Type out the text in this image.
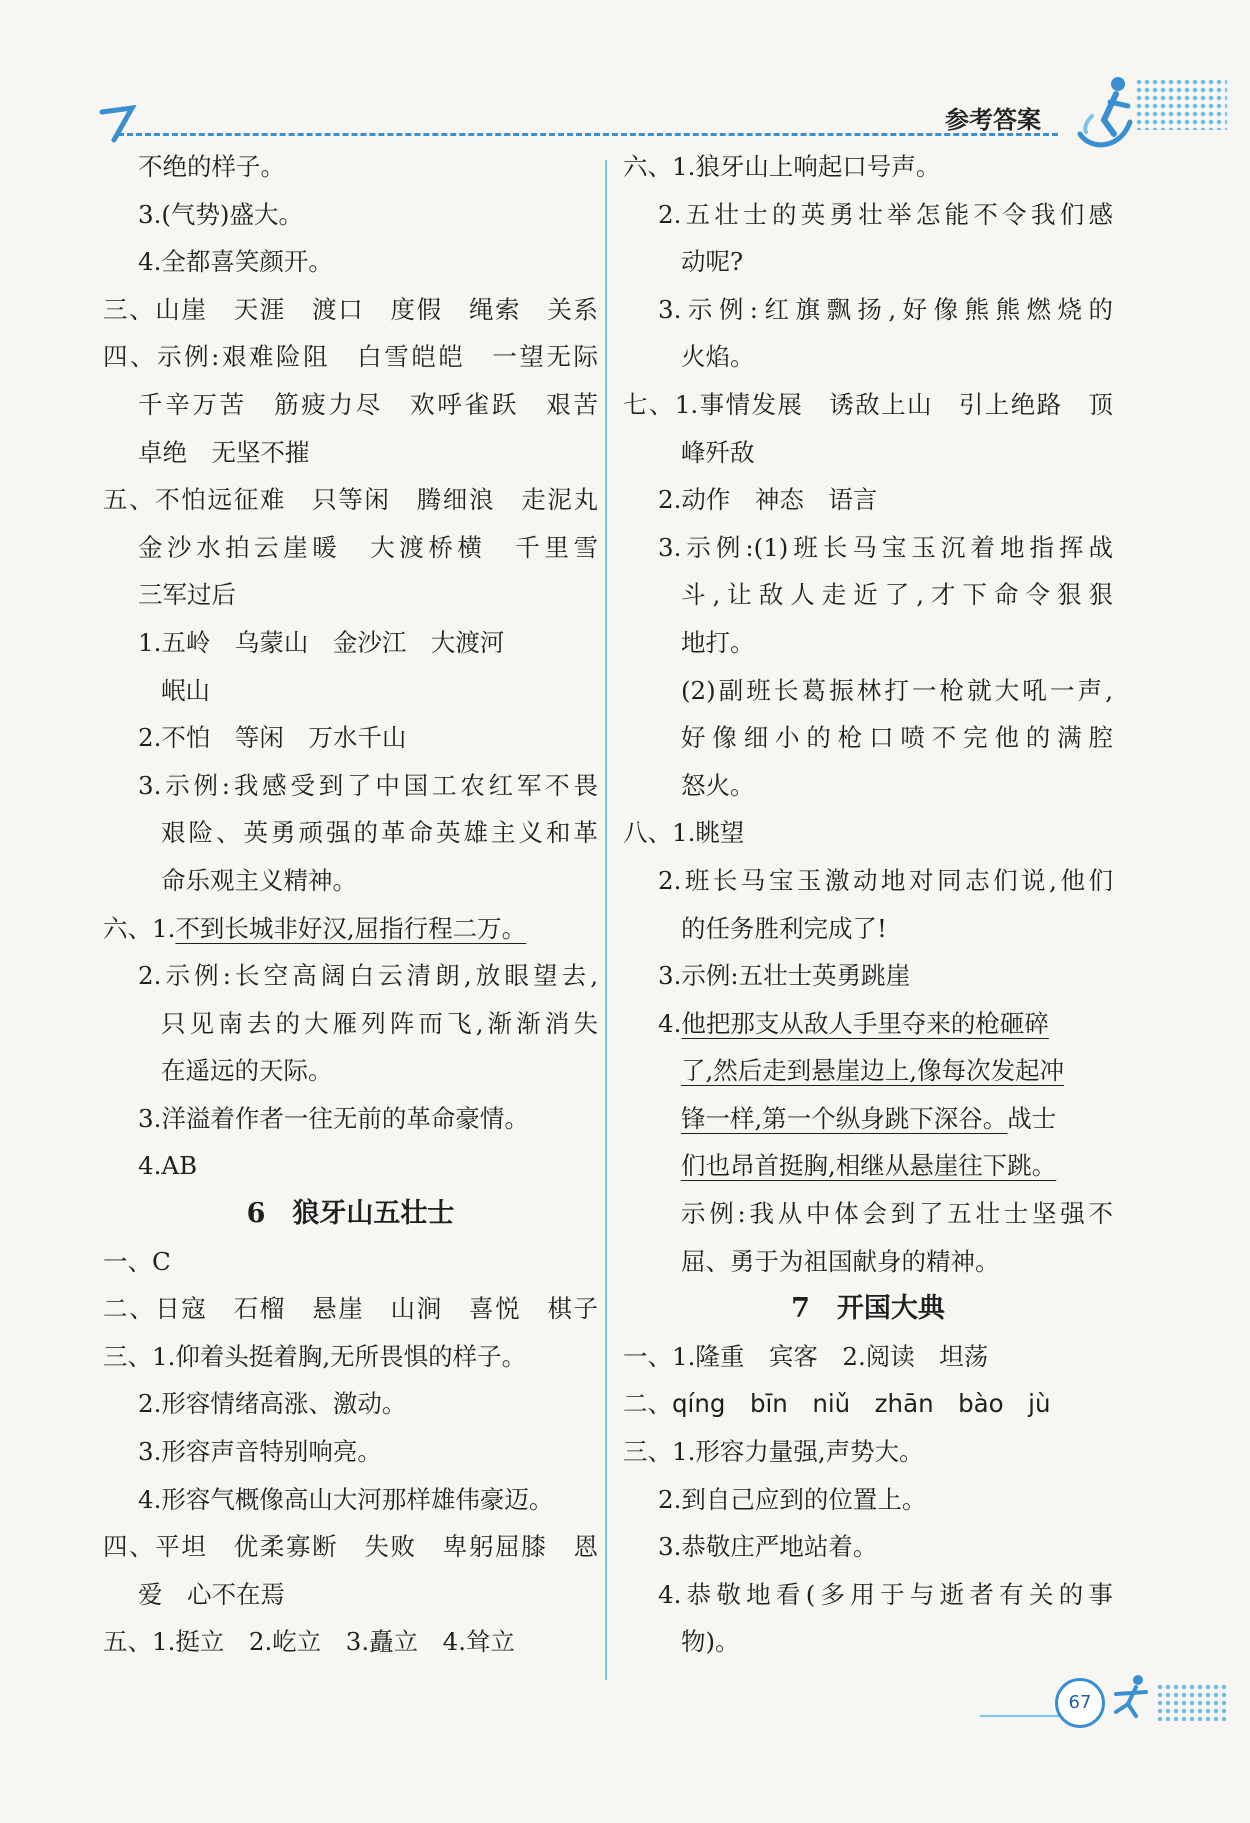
参考答案
不绝的样子。
3.(气势)盛大。
4.全都喜笑颜开。
三、山崖　天涯　渡口　度假　绳索　关系
四、示例:艰难险阻　白雪皑皑　一望无际
千辛万苦　筋疲力尽　欢呼雀跃　艰苦
卓绝　无坚不摧
五、不怕远征难　只等闲　腾细浪　走泥丸
金沙水拍云崖暖　大渡桥横　千里雪
三军过后
1.五岭　乌蒙山　金沙江　大渡河
岷山
2.不怕　等闲　万水千山
3.示例:我感受到了中国工农红军不畏
艰险、英勇顽强的革命英雄主义和革
命乐观主义精神。
六、1.不到长城非好汉,屈指行程二万。
2.示例:长空高阔白云清朗,放眼望去,
只见南去的大雁列阵而飞,渐渐消失
在遥远的天际。
3.洋溢着作者一往无前的革命豪情。
4.AB
6　狼牙山五壮士
一、C
二、日寇　石榴　悬崖　山涧　喜悦　棋子
三、1.仰着头挺着胸,无所畏惧的样子。
2.形容情绪高涨、激动。
3.形容声音特别响亮。
4.形容气概像高山大河那样雄伟豪迈。
四、平坦　优柔寡断　失败　卑躬屈膝　恩
爱　心不在焉
五、1.挺立　2.屹立　3.矗立　4.耸立
六、1.狼牙山上响起口号声。
2.五壮士的英勇壮举怎能不令我们感
动呢?
3.示例:红旗飘扬,好像熊熊燃烧的
火焰。
七、1.事情发展　诱敌上山　引上绝路　顶
峰歼敌
2.动作　神态　语言
3.示例:(1)班长马宝玉沉着地指挥战
斗,让敌人走近了,才下命令狠狠
地打。
(2)副班长葛振林打一枪就大吼一声,
好像细小的枪口喷不完他的满腔
怒火。
八、1.眺望
2.班长马宝玉激动地对同志们说,他们
的任务胜利完成了!
3.示例:五壮士英勇跳崖
4.他把那支从敌人手里夺来的枪砸碎
了,然后走到悬崖边上,像每次发起冲
锋一样,第一个纵身跳下深谷。战士
们也昂首挺胸,相继从悬崖往下跳。
示例:我从中体会到了五壮士坚强不
屈、勇于为祖国献身的精神。
7　开国大典
一、1.隆重　宾客　2.阅读　坦荡
二、qíng　bīn　niǔ　zhān　bào　jù
三、1.形容力量强,声势大。
2.到自己应到的位置上。
3.恭敬庄严地站着。
4.恭敬地看(多用于与逝者有关的事
物)。
67
